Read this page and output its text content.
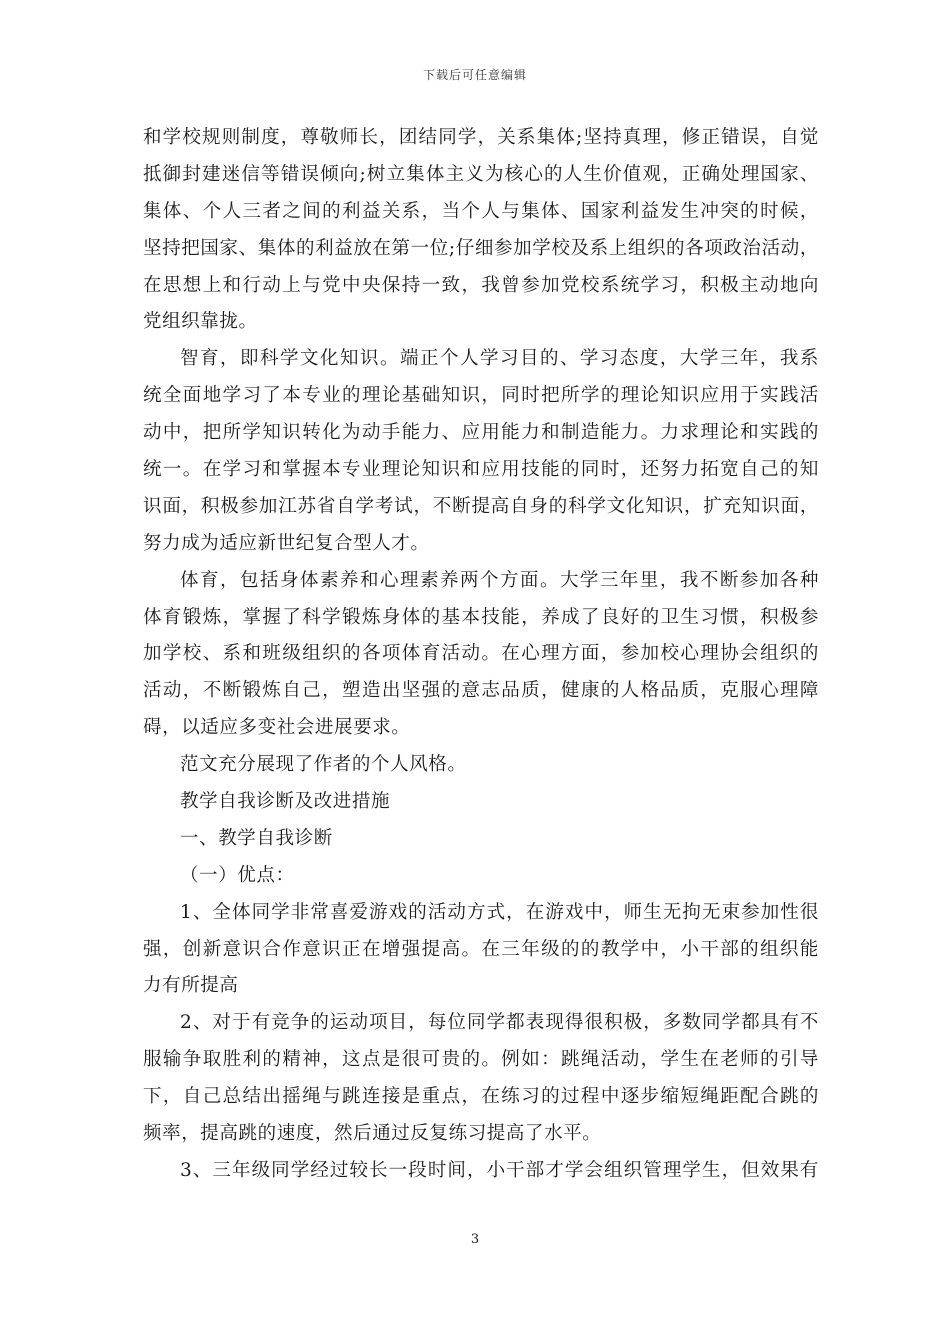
下载后可任意编辑
和学校规则制度，尊敬师长，团结同学，关系集体;坚持真理，修正错误，自觉
抵御封建迷信等错误倾向;树立集体主义为核心的人生价值观，正确处理国家、
集体、个人三者之间的利益关系，当个人与集体、国家利益发生冲突的时候，
坚持把国家、集体的利益放在第一位;仔细参加学校及系上组织的各项政治活动，
在思想上和行动上与党中央保持一致，我曾参加党校系统学习，积极主动地向
党组织靠拢。
智育，即科学文化知识。端正个人学习目的、学习态度，大学三年，我系
统全面地学习了本专业的理论基础知识，同时把所学的理论知识应用于实践活
动中，把所学知识转化为动手能力、应用能力和制造能力。力求理论和实践的
统一。在学习和掌握本专业理论知识和应用技能的同时，还努力拓宽自己的知
识面，积极参加江苏省自学考试，不断提高自身的科学文化知识，扩充知识面，
努力成为适应新世纪复合型人才。
体育，包括身体素养和心理素养两个方面。大学三年里，我不断参加各种
体育锻炼，掌握了科学锻炼身体的基本技能，养成了良好的卫生习惯，积极参
加学校、系和班级组织的各项体育活动。在心理方面，参加校心理协会组织的
活动，不断锻炼自己，塑造出坚强的意志品质，健康的人格品质，克服心理障
碍，以适应多变社会进展要求。
范文充分展现了作者的个人风格。
教学自我诊断及改进措施
一、教学自我诊断
（一）优点：
1、全体同学非常喜爱游戏的活动方式，在游戏中，师生无拘无束参加性很
强，创新意识合作意识正在增强提高。在三年级的的教学中，小干部的组织能
力有所提高
2、对于有竞争的运动项目，每位同学都表现得很积极，多数同学都具有不
服输争取胜利的精神，这点是很可贵的。例如：跳绳活动，学生在老师的引导
下，自己总结出摇绳与跳连接是重点，在练习的过程中逐步缩短绳距配合跳的
频率，提高跳的速度，然后通过反复练习提高了水平。
3、三年级同学经过较长一段时间，小干部才学会组织管理学生，但效果有
3
